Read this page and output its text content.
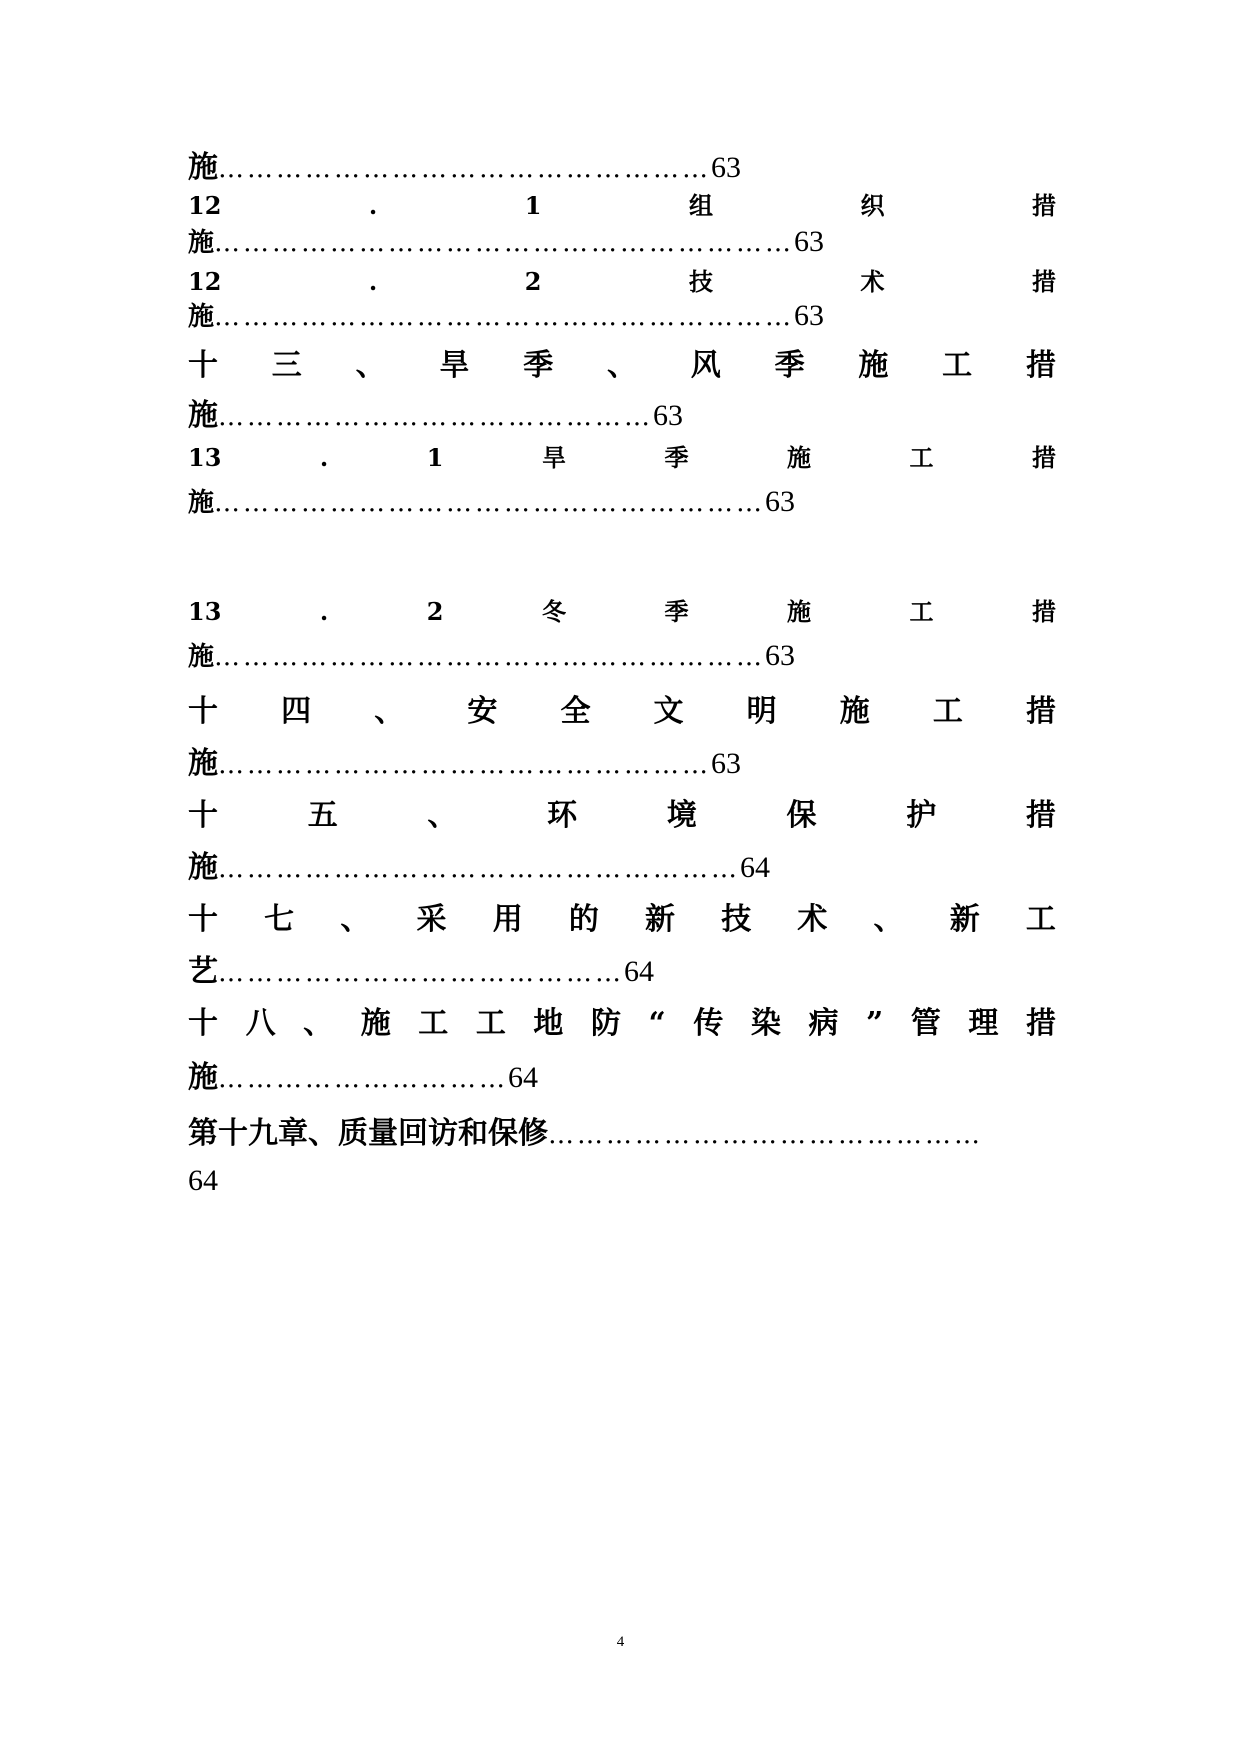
施 …………………………………………… 63
12	.	1	组	织	措
施 …………………………………………………… 63
12	.	2	技	术	措
施 …………………………………………………… 63
十 三 、 旱 季 、 风 季 施 工 措
施 ……………………………………… 63
13	.	1	旱	季	施	工	措
施 ………………………………………………… 63
13	.	2	冬	季	施	工	措
施 ………………………………………………… 63
十 四 、 安 全 文 明 施 工 措
施 …………………………………………… 63
十	五	、	环	境	保	护	措
施 ……………………………………………… 64
十 七 、 采 用 的 新 技 术 、 新 工
艺 …………………………………… 64
十 八 、 施 工 工 地 防 “ 传 染 病 ” 管 理 措
施 ………………………… 64
第十九章、质量回访和保修 ………………………………………
64
4
